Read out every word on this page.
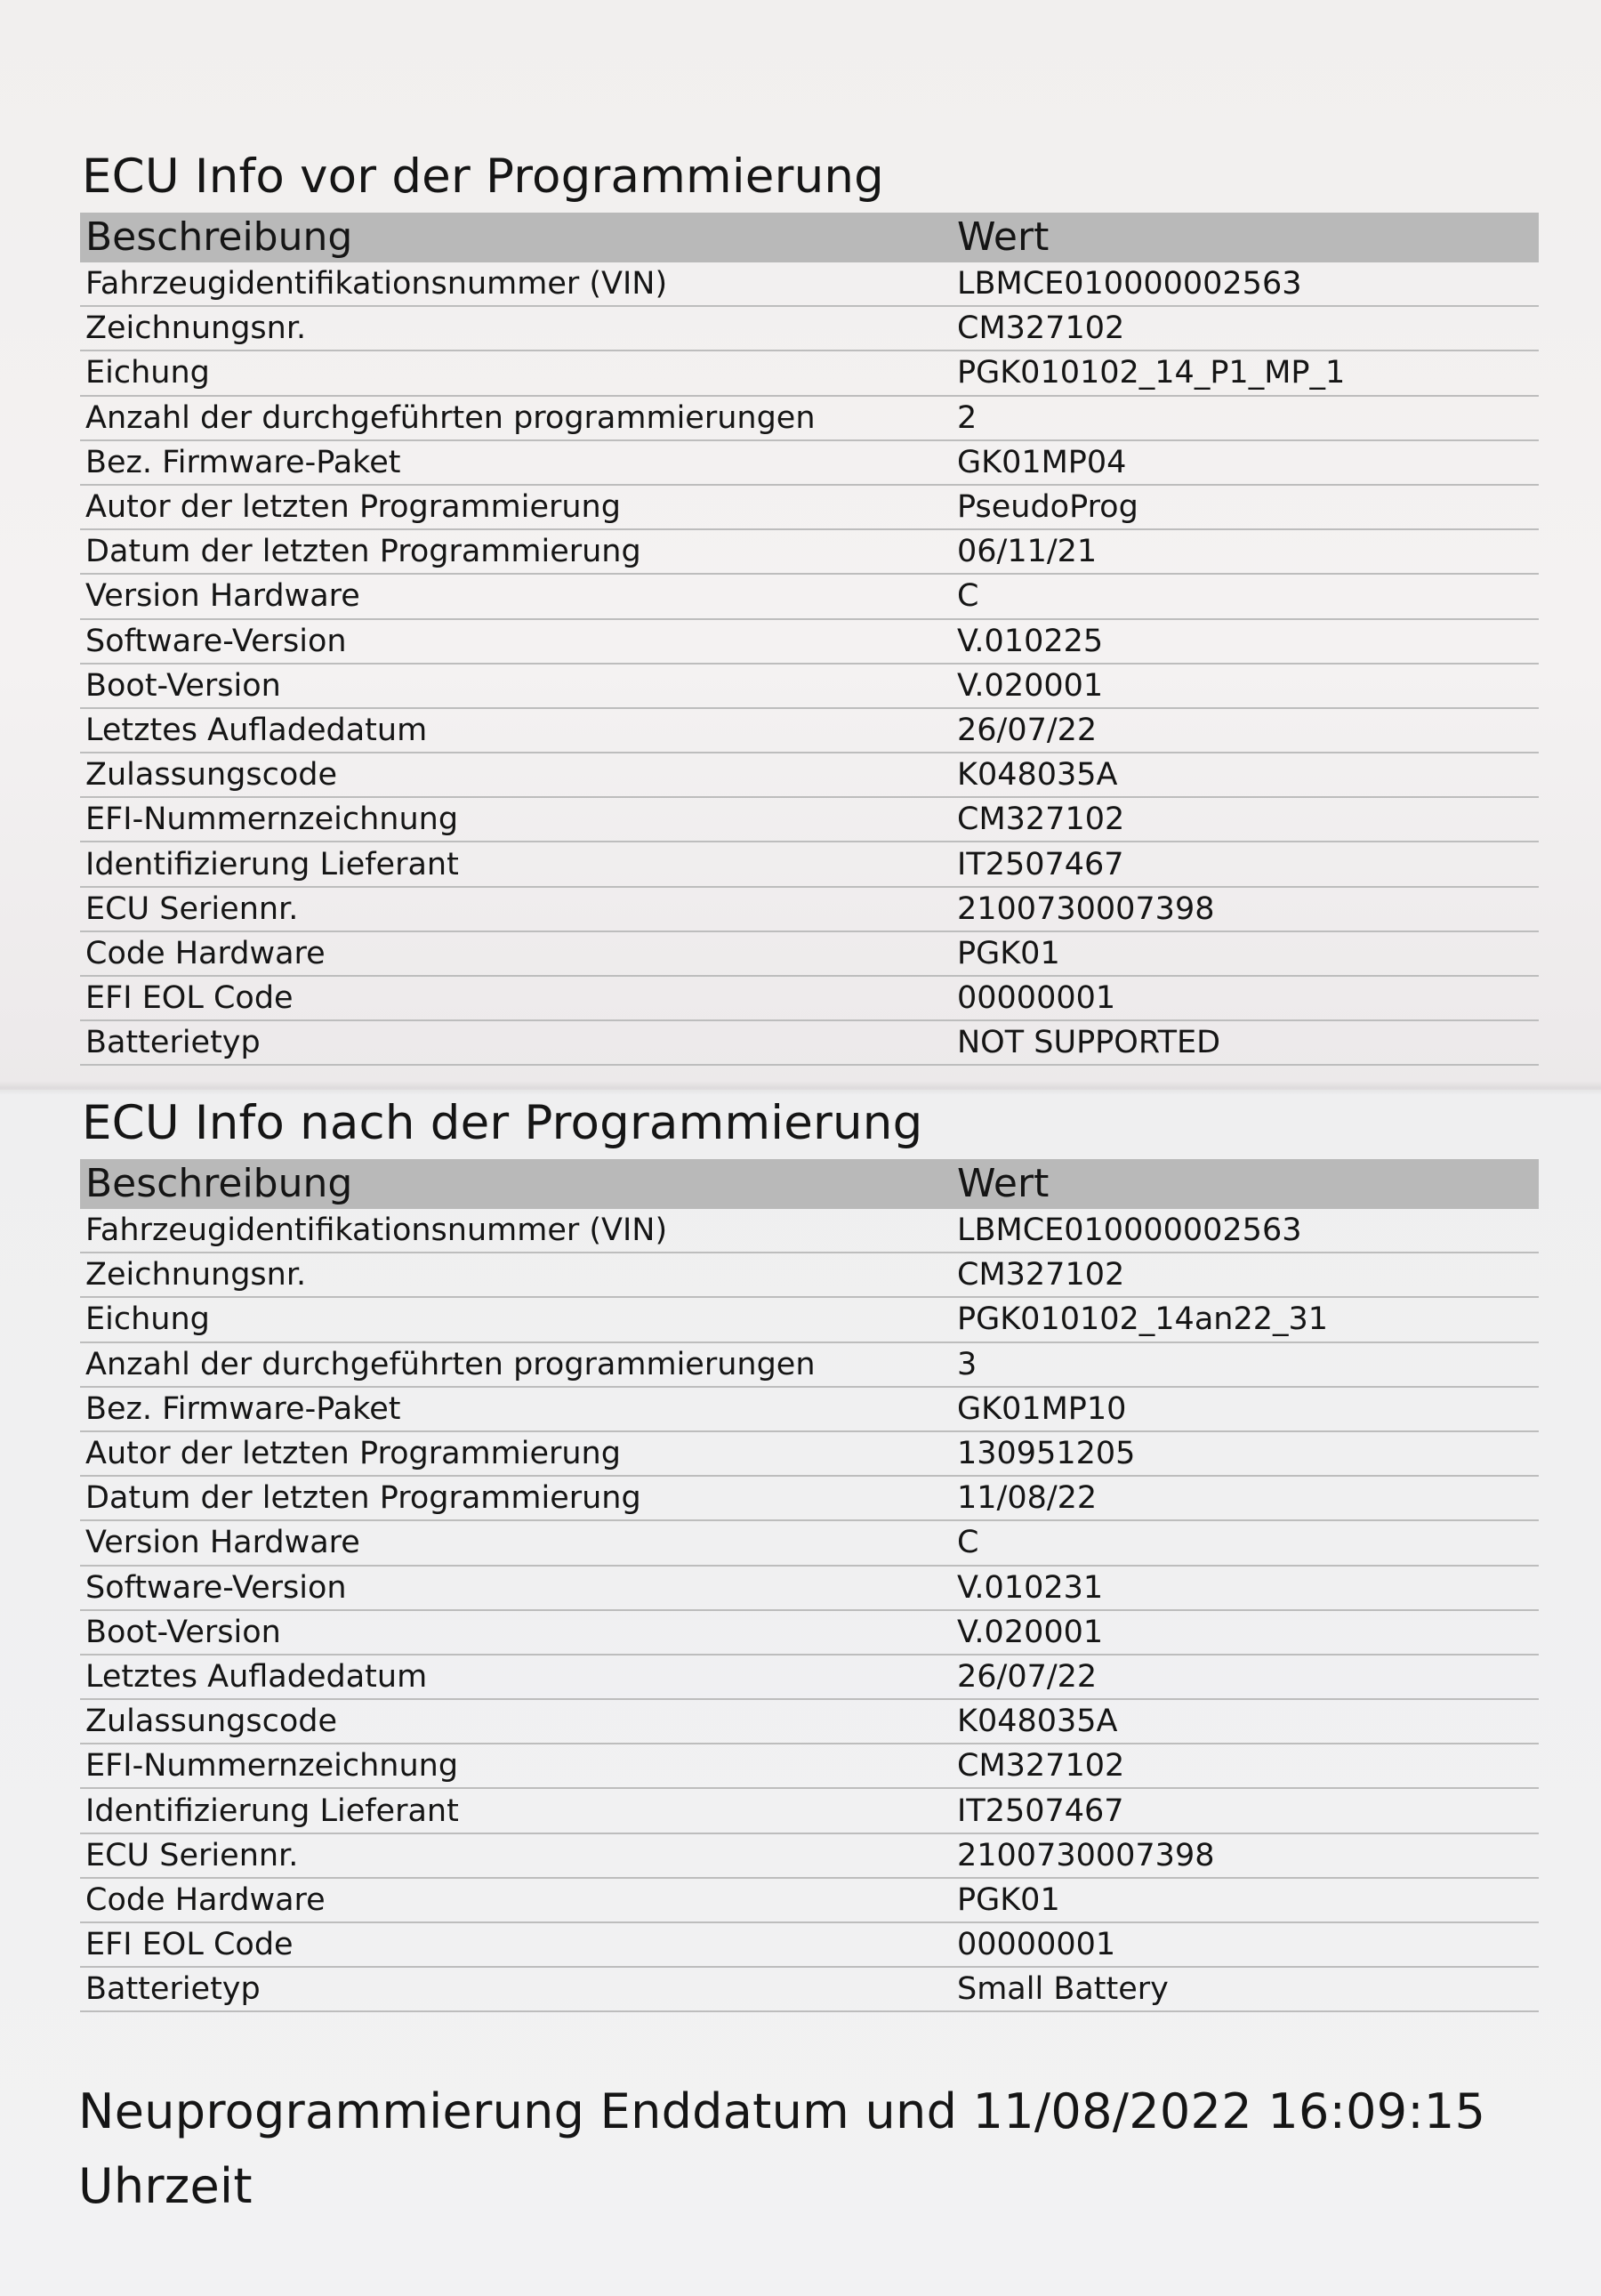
ECU Info vor der Programmierung
Beschreibung	Wert
Fahrzeugidentifikationsnummer (VIN)	LBMCE010000002563
Zeichnungsnr.	CM327102
Eichung	PGK010102_14_P1_MP_1
Anzahl der durchgeführten programmierungen	2
Bez. Firmware-Paket	GK01MP04
Autor der letzten Programmierung	PseudoProg
Datum der letzten Programmierung	06/11/21
Version Hardware	C
Software-Version	V.010225
Boot-Version	V.020001
Letztes Aufladedatum	26/07/22
Zulassungscode	K048035A
EFI-Nummernzeichnung	CM327102
Identifizierung Lieferant	IT2507467
ECU Seriennr.	2100730007398
Code Hardware	PGK01
EFI EOL Code	00000001
Batterietyp	NOT SUPPORTED
ECU Info nach der Programmierung
Beschreibung	Wert
Fahrzeugidentifikationsnummer (VIN)	LBMCE010000002563
Zeichnungsnr.	CM327102
Eichung	PGK010102_14an22_31
Anzahl der durchgeführten programmierungen	3
Bez. Firmware-Paket	GK01MP10
Autor der letzten Programmierung	130951205
Datum der letzten Programmierung	11/08/22
Version Hardware	C
Software-Version	V.010231
Boot-Version	V.020001
Letztes Aufladedatum	26/07/22
Zulassungscode	K048035A
EFI-Nummernzeichnung	CM327102
Identifizierung Lieferant	IT2507467
ECU Seriennr.	2100730007398
Code Hardware	PGK01
EFI EOL Code	00000001
Batterietyp	Small Battery
Neuprogrammierung Enddatum und 11/08/2022 16:09:15 Uhrzeit
